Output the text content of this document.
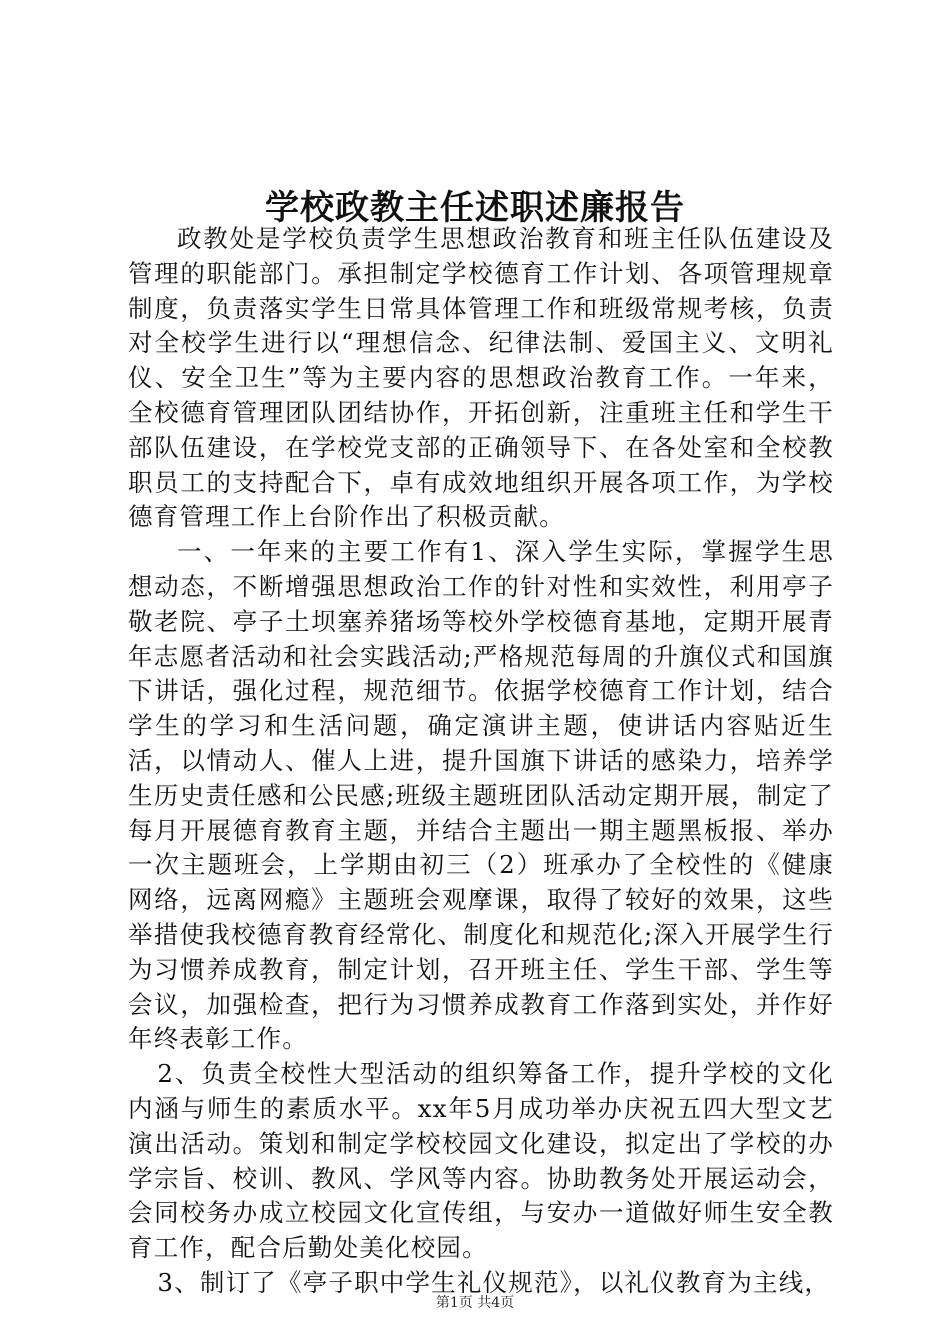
学校政教主任述职述廉报告

政教处是学校负责学生思想政治教育和班主任队伍建设及管理的职能部门。承担制定学校德育工作计划、各项管理规章制度，负责落实学生日常具体管理工作和班级常规考核，负责对全校学生进行以“理想信念、纪律法制、爱国主义、文明礼仪、安全卫生”等为主要内容的思想政治教育工作。一年来，全校德育管理团队团结协作，开拓创新，注重班主任和学生干部队伍建设，在学校党支部的正确领导下、在各处室和全校教职员工的支持配合下，卓有成效地组织开展各项工作，为学校德育管理工作上台阶作出了积极贡献。

一、一年来的主要工作有1、深入学生实际，掌握学生思想动态，不断增强思想政治工作的针对性和实效性，利用亭子敬老院、亭子土坝塞养猪场等校外学校德育基地，定期开展青年志愿者活动和社会实践活动;严格规范每周的升旗仪式和国旗下讲话，强化过程，规范细节。依据学校德育工作计划，结合学生的学习和生活问题，确定演讲主题，使讲话内容贴近生活，以情动人、催人上进，提升国旗下讲话的感染力，培养学生历史责任感和公民感;班级主题班团队活动定期开展，制定了每月开展德育教育主题，并结合主题出一期主题黑板报、举办一次主题班会，上学期由初三（2）班承办了全校性的《健康网络，远离网瘾》主题班会观摩课，取得了较好的效果，这些举措使我校德育教育经常化、制度化和规范化;深入开展学生行为习惯养成教育，制定计划，召开班主任、学生干部、学生等会议，加强检查，把行为习惯养成教育工作落到实处，并作好年终表彰工作。

2、负责全校性大型活动的组织筹备工作，提升学校的文化内涵与师生的素质水平。xx年5月成功举办庆祝五四大型文艺演出活动。策划和制定学校校园文化建设，拟定出了学校的办学宗旨、校训、教风、学风等内容。协助教务处开展运动会，会同校务办成立校园文化宣传组，与安办一道做好师生安全教育工作，配合后勤处美化校园。

3、制订了《亭子职中学生礼仪规范》，以礼仪教育为主线，

第1页 共4页
